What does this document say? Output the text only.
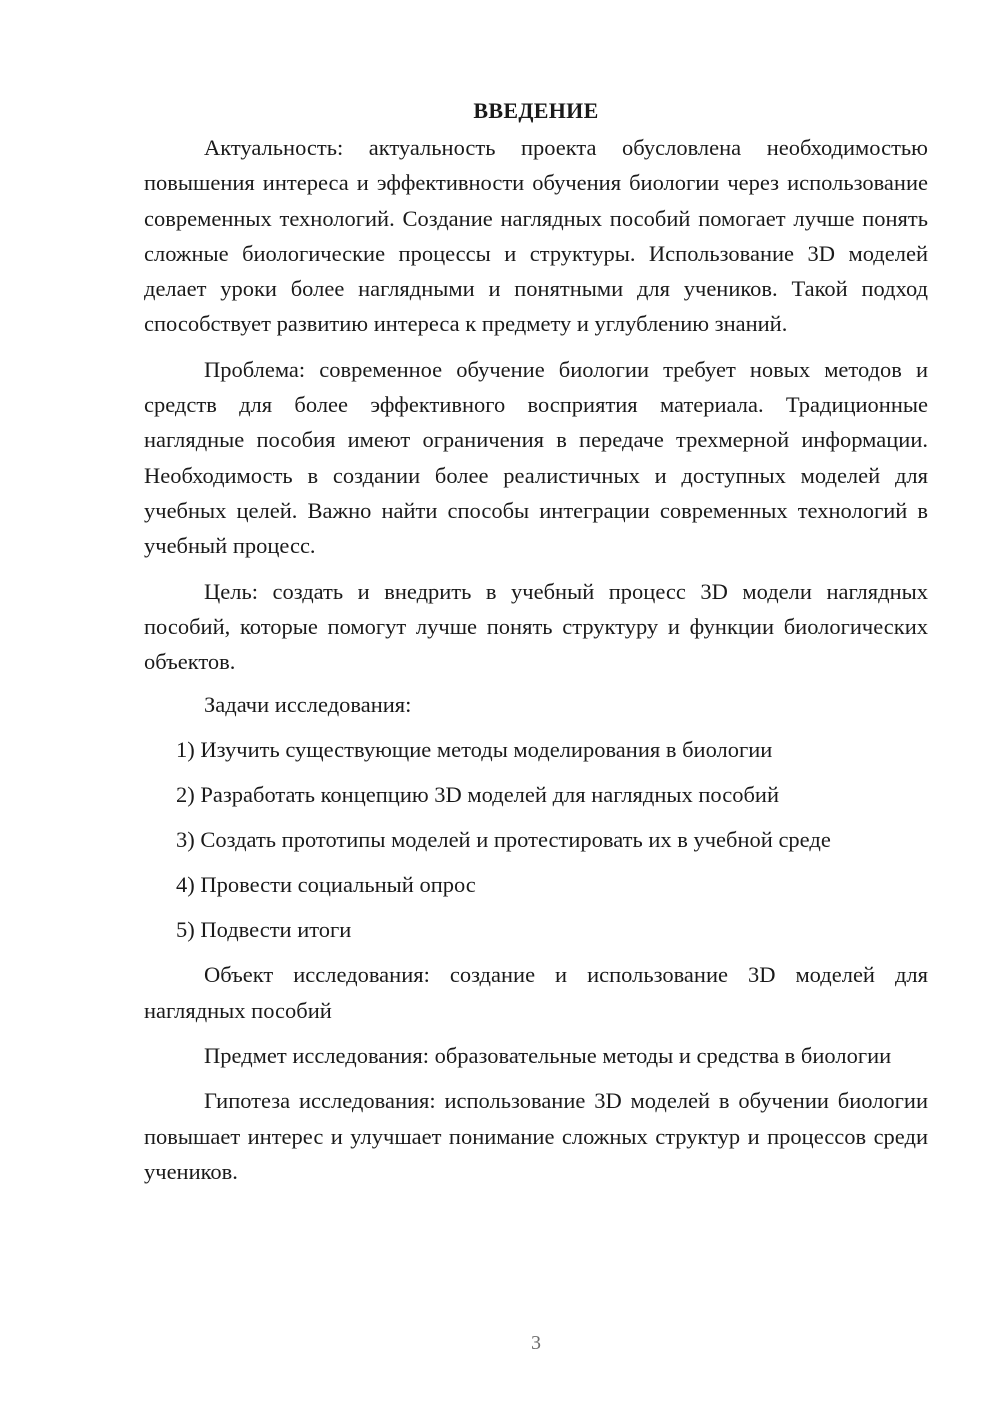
ВВЕДЕНИЕ

Актуальность: актуальность проекта обусловлена необходимостью повышения интереса и эффективности обучения биологии через использование современных технологий. Создание наглядных пособий помогает лучше понять сложные биологические процессы и структуры. Использование 3D моделей делает уроки более наглядными и понятными для учеников. Такой подход способствует развитию интереса к предмету и углублению знаний.

Проблема: современное обучение биологии требует новых методов и средств для более эффективного восприятия материала. Традиционные наглядные пособия имеют ограничения в передаче трехмерной информации. Необходимость в создании более реалистичных и доступных моделей для учебных целей. Важно найти способы интеграции современных технологий в учебный процесс.

Цель: создать и внедрить в учебный процесс 3D модели наглядных пособий, которые помогут лучше понять структуру и функции биологических объектов.

Задачи исследования:

1) Изучить существующие методы моделирования в биологии

2) Разработать концепцию 3D моделей для наглядных пособий

3) Создать прототипы моделей и протестировать их в учебной среде

4) Провести социальный опрос

5) Подвести итоги

Объект исследования: создание и использование 3D моделей для наглядных пособий

Предмет исследования: образовательные методы и средства в биологии

Гипотеза исследования: использование 3D моделей в обучении биологии повышает интерес и улучшает понимание сложных структур и процессов среди учеников.

3
